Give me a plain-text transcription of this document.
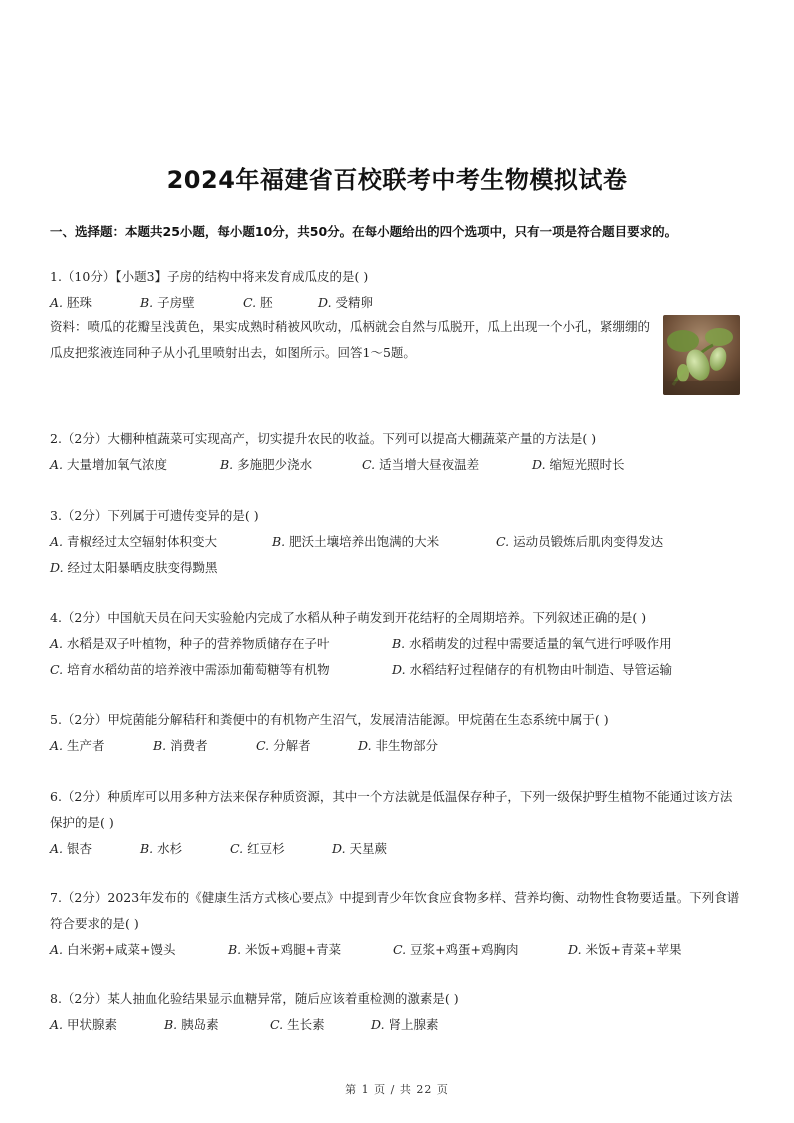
2024年福建省百校联考中考生物模拟试卷
一、选择题：本题共25小题，每小题10分，共50分。在每小题给出的四个选项中，只有一项是符合题目要求的。
1.（10分）【小题3】子房的结构中将来发育成瓜皮的是( )
A. 胚珠	B. 子房壁	C. 胚	D. 受精卵
资料：喷瓜的花瓣呈浅黄色，果实成熟时稍被风吹动，瓜柄就会自然与瓜脱开，瓜上出现一个小孔，紧绷绷的瓜皮把浆液连同种子从小孔里喷射出去，如图所示。回答1～5题。
2.（2分）大棚种植蔬菜可实现高产，切实提升农民的收益。下列可以提高大棚蔬菜产量的方法是( )
A. 大量增加氧气浓度	B. 多施肥少浇水	C. 适当增大昼夜温差	D. 缩短光照时长
3.（2分）下列属于可遗传变异的是( )
A. 青椒经过太空辐射体积变大	B. 肥沃土壤培养出饱满的大米	C. 运动员锻炼后肌肉变得发达
D. 经过太阳暴晒皮肤变得黝黑
4.（2分）中国航天员在问天实验舱内完成了水稻从种子萌发到开花结籽的全周期培养。下列叙述正确的是( )
A. 水稻是双子叶植物，种子的营养物质储存在子叶	B. 水稻萌发的过程中需要适量的氧气进行呼吸作用
C. 培育水稻幼苗的培养液中需添加葡萄糖等有机物	D. 水稻结籽过程储存的有机物由叶制造、导管运输
5.（2分）甲烷菌能分解秸秆和粪便中的有机物产生沼气，发展清洁能源。甲烷菌在生态系统中属于( )
A. 生产者	B. 消费者	C. 分解者	D. 非生物部分
6.（2分）种质库可以用多种方法来保存种质资源，其中一个方法就是低温保存种子，下列一级保护野生植物不能通过该方法保护的是( )
A. 银杏	B. 水杉	C. 红豆杉	D. 天星蕨
7.（2分）2023年发布的《健康生活方式核心要点》中提到青少年饮食应食物多样、营养均衡、动物性食物要适量。下列食谱符合要求的是( )
A. 白米粥+咸菜+馒头	B. 米饭+鸡腿+青菜	C. 豆浆+鸡蛋+鸡胸肉	D. 米饭+青菜+苹果
8.（2分）某人抽血化验结果显示血糖异常，随后应该着重检测的激素是( )
A. 甲状腺素	B. 胰岛素	C. 生长素	D. 肾上腺素
第 1 页 / 共 22 页
